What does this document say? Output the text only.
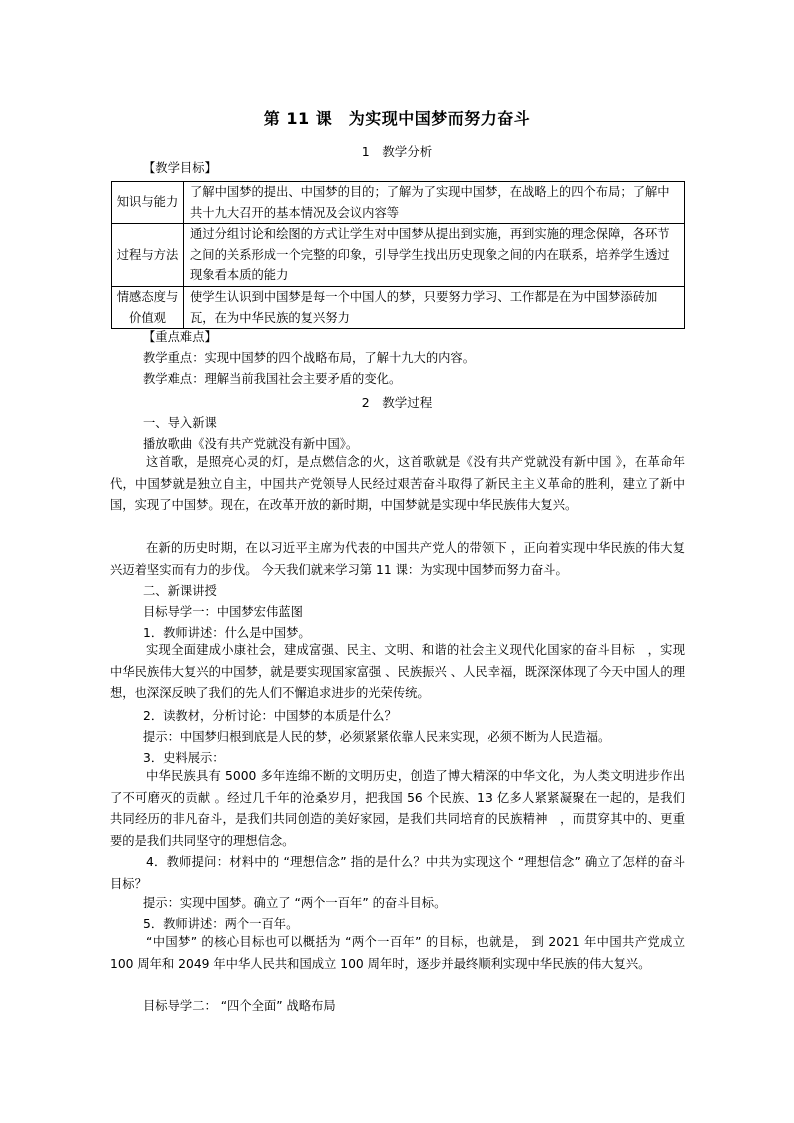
第 11 课　为实现中国梦而努力奋斗
1　教学分析
【教学目标】
知识与能力	了解中国梦的提出、中国梦的目的；了解为了实现中国梦，在战略上的四个布局；了解中共十九大召开的基本情况及会议内容等
过程与方法	通过分组讨论和绘图的方式让学生对中国梦从提出到实施，再到实施的理念保障，各环节之间的关系形成一个完整的印象，引导学生找出历史现象之间的内在联系，培养学生透过现象看本质的能力
情感态度与价值观	使学生认识到中国梦是每一个中国人的梦，只要努力学习、工作都是在为中国梦添砖加瓦，在为中华民族的复兴努力
【重点难点】
教学重点：实现中国梦的四个战略布局，了解十九大的内容。
教学难点：理解当前我国社会主要矛盾的变化。
2　教学过程
一、导入新课
播放歌曲《没有共产党就没有新中国》。
这首歌，是照亮心灵的灯，是点燃信念的火，这首歌就是《没有共产党就没有新中国 》，在革命年代，中国梦就是独立自主，中国共产党领导人民经过艰苦奋斗取得了新民主主义革命的胜利，建立了新中国，实现了中国梦。现在，在改革开放的新时期，中国梦就是实现中华民族伟大复兴。
在新的历史时期，在以习近平主席为代表的中国共产党人的带领下 ，正向着实现中华民族的伟大复兴迈着坚实而有力的步伐。 今天我们就来学习第 11 课：为实现中国梦而努力奋斗。
二、新课讲授
目标导学一：中国梦宏伟蓝图
1．教师讲述：什么是中国梦。
实现全面建成小康社会，建成富强、民主、文明、和谐的社会主义现代化国家的奋斗目标　，实现中华民族伟大复兴的中国梦，就是要实现国家富强 、民族振兴 、人民幸福，既深深体现了今天中国人的理想，也深深反映了我们的先人们不懈追求进步的光荣传统。
2．读教材，分析讨论：中国梦的本质是什么？
提示：中国梦归根到底是人民的梦，必须紧紧依靠人民来实现，必须不断为人民造福。
3．史料展示：
中华民族具有 5000 多年连绵不断的文明历史，创造了博大精深的中华文化，为人类文明进步作出了不可磨灭的贡献 。经过几千年的沧桑岁月，把我国 56 个民族、13 亿多人紧紧凝聚在一起的，是我们共同经历的非凡奋斗，是我们共同创造的美好家园，是我们共同培育的民族精神　，而贯穿其中的、更重要的是我们共同坚守的理想信念。
4．教师提问：材料中的 “理想信念” 指的是什么？中共为实现这个 “理想信念” 确立了怎样的奋斗目标？
提示：实现中国梦。确立了 “两个一百年” 的奋斗目标。
5．教师讲述：两个一百年。
“中国梦” 的核心目标也可以概括为 “两个一百年” 的目标，也就是， 到 2021 年中国共产党成立 100 周年和 2049 年中华人民共和国成立 100 周年时，逐步并最终顺利实现中华民族的伟大复兴。
目标导学二： “四个全面” 战略布局
